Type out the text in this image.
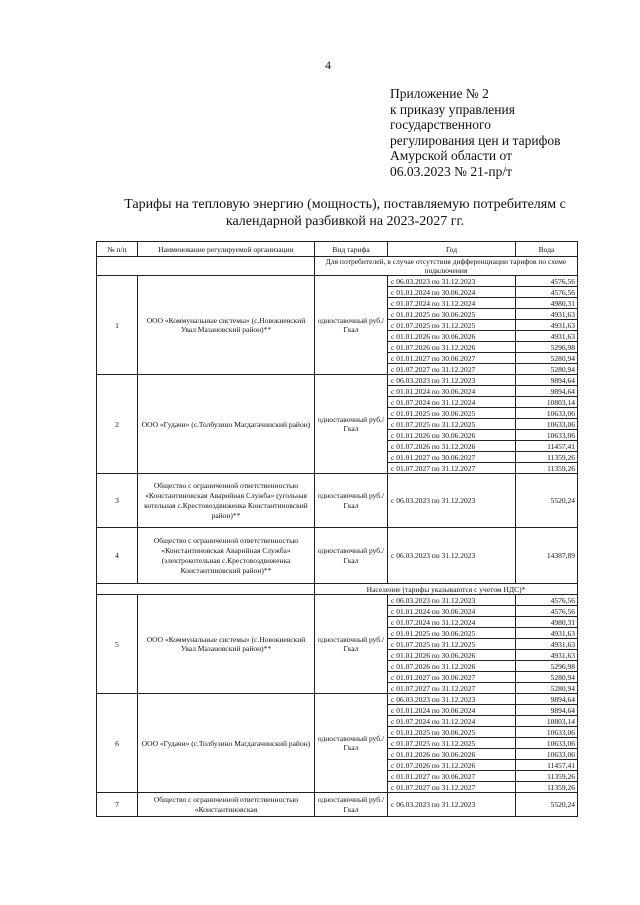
4
Приложение № 2
к приказу управления
государственного
регулирования цен и тарифов
Амурской области от
06.03.2023 № 21-пр/т
Тарифы на тепловую энергию (мощность), поставляемую потребителям с
календарной разбивкой на 2023-2027 гг.
№ п/п	Наименование регулируемой организации	Вид тарифа	Год	Вода
		Для потребителей, в случае отсутствия дифференциации тарифов по схеме подключения		
1	ООО «Коммунальные системы» (с.Новокиевский Увал Мазановский район)**	одноставочный руб./Гкал	с 06.03.2023 по 31.12.2023	4576,56
			с 01.01.2024 по 30.06.2024	4576,56
			с 01.07.2024 по 31.12.2024	4980,31
			с 01.01.2025 по 30.06.2025	4931,63
			с 01.07.2025 по 31.12.2025	4931,63
			с 01.01.2026 по 30.06.2026	4931,63
			с 01.07.2026 по 31.12.2026	5296,98
			с 01.01.2027 по 30.06.2027	5280,94
			с 01.07.2027 по 31.12.2027	5280,94
2	ООО «Гудачи» (с.Толбузино Магдагачинский район)	одноставочный руб./Гкал	с 06.03.2023 по 31.12.2023	9894,64
			с 01.01.2024 по 30.06.2024	9894,64
			с 01.07.2024 по 31.12.2024	10803,14
			с 01.01.2025 по 30.06.2025	10633,06
			с 01.07.2025 по 31.12.2025	10633,06
			с 01.01.2026 по 30.06.2026	10633,06
			с 01.07.2026 по 31.12.2026	11457,41
			с 01.01.2027 по 30.06.2027	11359,26
			с 01.07.2027 по 31.12.2027	11359,26
3	Общество с ограниченной ответственностью «Константиновская Аварийная Служба» (угольная котельная с.Крестовоздвиженка Константиновский район)**	одноставочный руб./Гкал	с 06.03.2023 по 31.12.2023	5520,24
4	Общество с ограниченной ответственностью «Константиновская Аварийная Служба» (электрокотельная с.Крестовоздвиженка Константиновский район)**	одноставочный руб./Гкал	с 06.03.2023 по 31.12.2023	14387,89
		Население (тарифы указываются с учетом НДС)*		
5	ООО «Коммунальные системы» (с.Новокиевский Увал Мазановский район)**	одноставочный руб./Гкал	с 06.03.2023 по 31.12.2023	4576,56
			с 01.01.2024 по 30.06.2024	4576,56
			с 01.07.2024 по 31.12.2024	4980,31
			с 01.01.2025 по 30.06.2025	4931,63
			с 01.07.2025 по 31.12.2025	4931,63
			с 01.01.2026 по 30.06.2026	4931,63
			с 01.07.2026 по 31.12.2026	5296,98
			с 01.01.2027 по 30.06.2027	5280,94
			с 01.07.2027 по 31.12.2027	5280,94
6	ООО «Гудачи» (с.Толбузино Магдагачинский район)	одноставочный руб./Гкал	с 06.03.2023 по 31.12.2023	9894,64
			с 01.01.2024 по 30.06.2024	9894,64
			с 01.07.2024 по 31.12.2024	10803,14
			с 01.01.2025 по 30.06.2025	10633,06
			с 01.07.2025 по 31.12.2025	10633,06
			с 01.01.2026 по 30.06.2026	10633,06
			с 01.07.2026 по 31.12.2026	11457,41
			с 01.01.2027 по 30.06.2027	11359,26
			с 01.07.2027 по 31.12.2027	11359,26
7	Общество с ограниченной ответственностью «Константиновская	одноставочный руб./Гкал	с 06.03.2023 по 31.12.2023	5520,24
